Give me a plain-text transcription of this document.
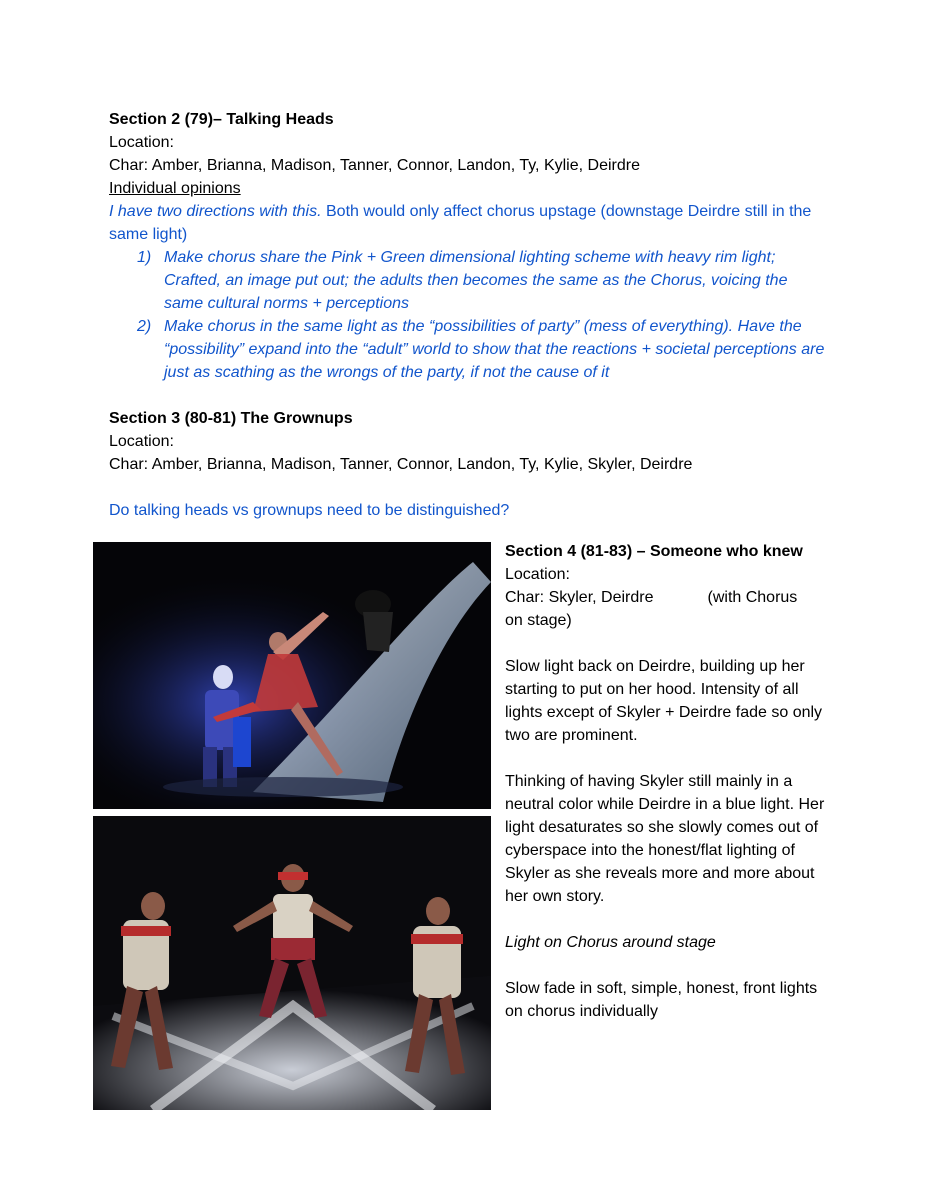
Section 2 (79)– Talking Heads

Location:

Char: Amber, Brianna, Madison, Tanner, Connor, Landon, Ty, Kylie, Deirdre

Individual opinions

I have two directions with this. Both would only affect chorus upstage (downstage Deirdre still in the same light)

1) Make chorus share the Pink + Green dimensional lighting scheme with heavy rim light; Crafted, an image put out; the adults then becomes the same as the Chorus, voicing the same cultural norms + perceptions
2) Make chorus in the same light as the “possibilities of party” (mess of everything). Have the “possibility” expand into the “adult” world to show that the reactions + societal perceptions are just as scathing as the wrongs of the party, if not the cause of it

Section 3 (80-81) The Grownups

Location:

Char: Amber, Brianna, Madison, Tanner, Connor, Landon, Ty, Kylie, Skyler, Deirdre

Do talking heads vs grownups need to be distinguished?

Section 4 (81-83) – Someone who knew

Location:

Char: Skyler, Deirdre	(with Chorus

on stage)

Slow light back on Deirdre, building up her starting to put on her hood. Intensity of all lights except of Skyler + Deirdre fade so only two are prominent.

Thinking of having Skyler still mainly in a neutral color while Deirdre in a blue light. Her light desaturates so she slowly comes out of cyberspace into the honest/flat lighting of Skyler as she reveals more and more about her own story.

Light on Chorus around stage

Slow fade in soft, simple, honest, front lights on chorus individually
